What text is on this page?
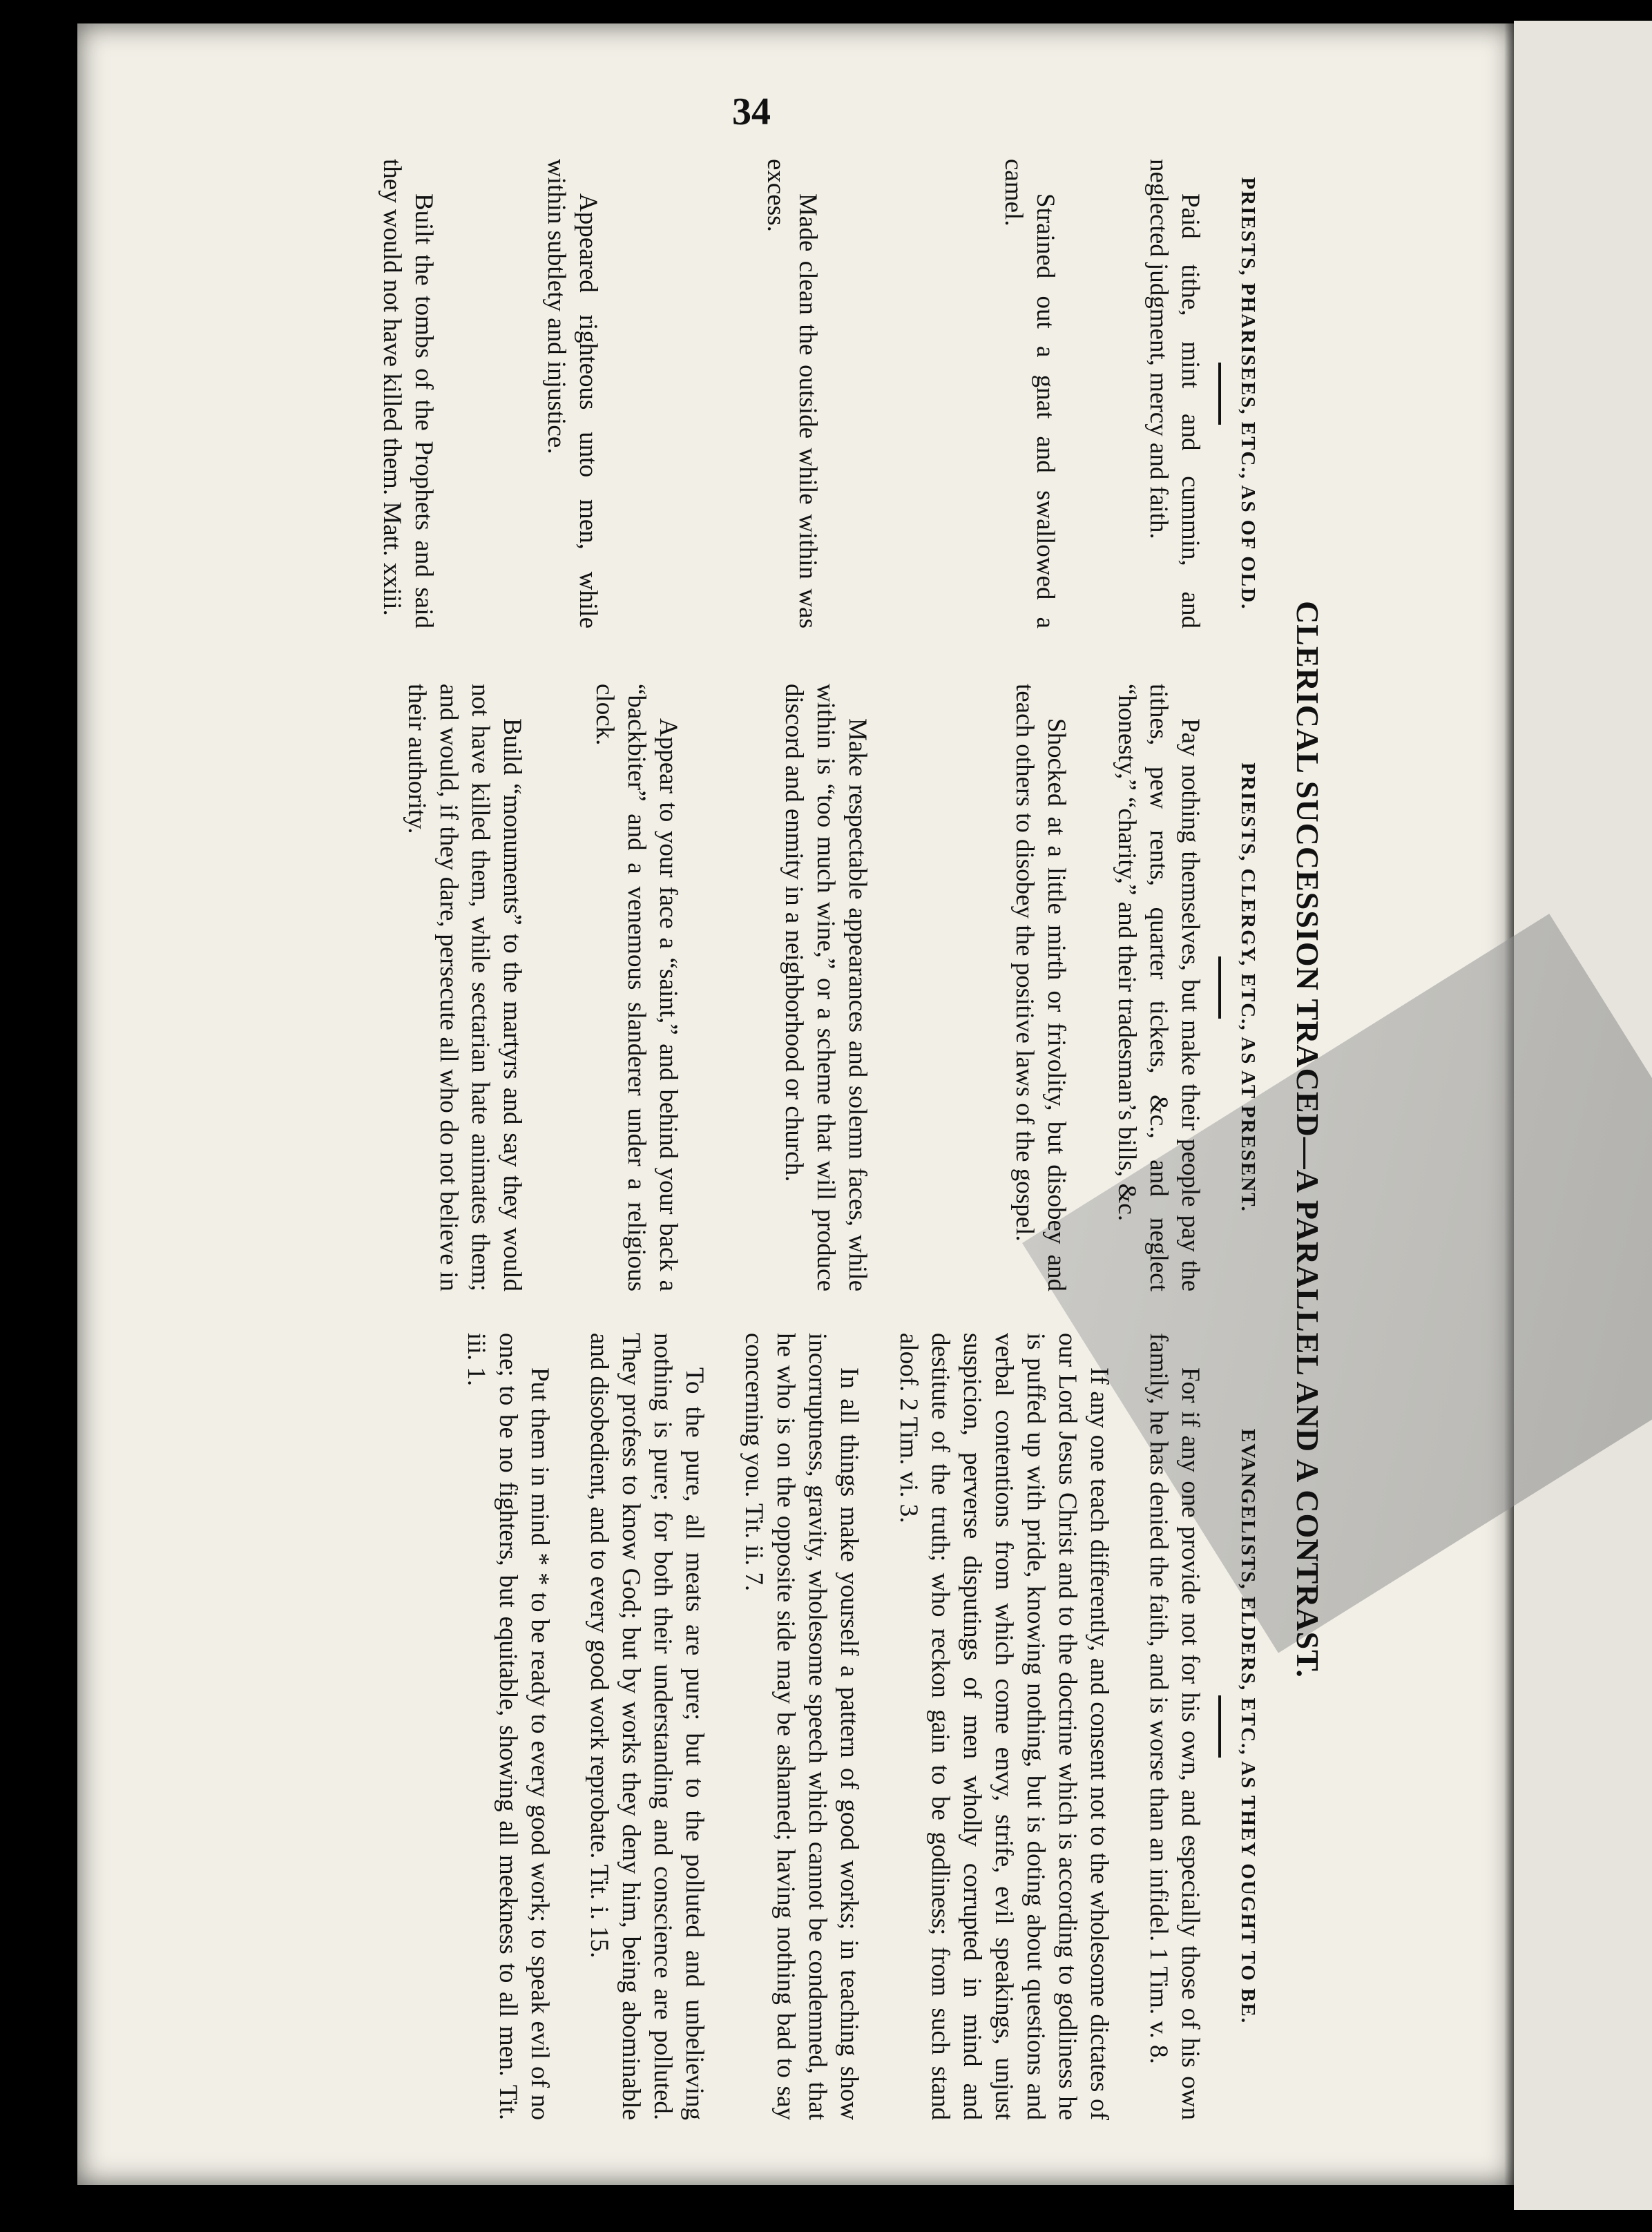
34
CLERICAL SUCCESSION TRACED—A PARALLEL AND A CONTRAST.
PRIESTS, PHARISEES, ETC., AS OF OLD.

Paid tithe, mint and cummin, and neglected judgment, mercy and faith.

Strained out a gnat and swallowed a camel.

Made clean the outside while within was excess.

Appeared righteous unto men, while within subtlety and injustice.

Built the tombs of the Prophets and said they would not have killed them. Matt. xxiii.

PRIESTS, CLERGY, ETC., AS AT PRESENT.

Pay nothing themselves, but make their people pay the tithes, pew rents, quarter tickets, &c., and neglect “honesty,” “charity,” and their tradesman’s bills, &c.

Shocked at a little mirth or frivolity, but disobey and teach others to disobey the positive laws of the gospel.

Make respectable appearances and solemn faces, while within is “too much wine,” or a scheme that will produce discord and enmity in a neighborhood or church.

Appear to your face a “saint,” and behind your back a “backbiter” and a venemous slanderer under a religious clock.

Build “monuments” to the martyrs and say they would not have killed them, while sectarian hate animates them; and would, if they dare, persecute all who do not believe in their authority.

EVANGELISTS, ELDERS, ETC., AS THEY OUGHT TO BE.

For if any one provide not for his own, and especially those of his own family, he has denied the faith, and is worse than an infidel. 1 Tim. v. 8.

If any one teach differently, and consent not to the wholesome dictates of our Lord Jesus Christ and to the doctrine which is according to godliness he is puffed up with pride, knowing nothing, but is doting about questions and verbal contentions from which come envy, strife, evil speakings, unjust suspicion, perverse disputings of men wholly corrupted in mind and destitute of the truth; who reckon gain to be godliness; from such stand aloof. 2 Tim. vi. 3.

In all things make yourself a pattern of good works; in teaching show incorruptness, gravity, wholesome speech which cannot be condemned, that he who is on the opposite side may be ashamed; having nothing bad to say concerning you. Tit. ii. 7.

To the pure, all meats are pure; but to the polluted and unbelieving nothing is pure; for both their understanding and conscience are polluted. They profess to know God; but by works they deny him, being abominable and disobedient, and to every good work reprobate. Tit. i. 15.

Put them in mind * * to be ready to every good work; to speak evil of no one; to be no fighters, but equitable, showing all meekness to all men. Tit. iii. 1.
